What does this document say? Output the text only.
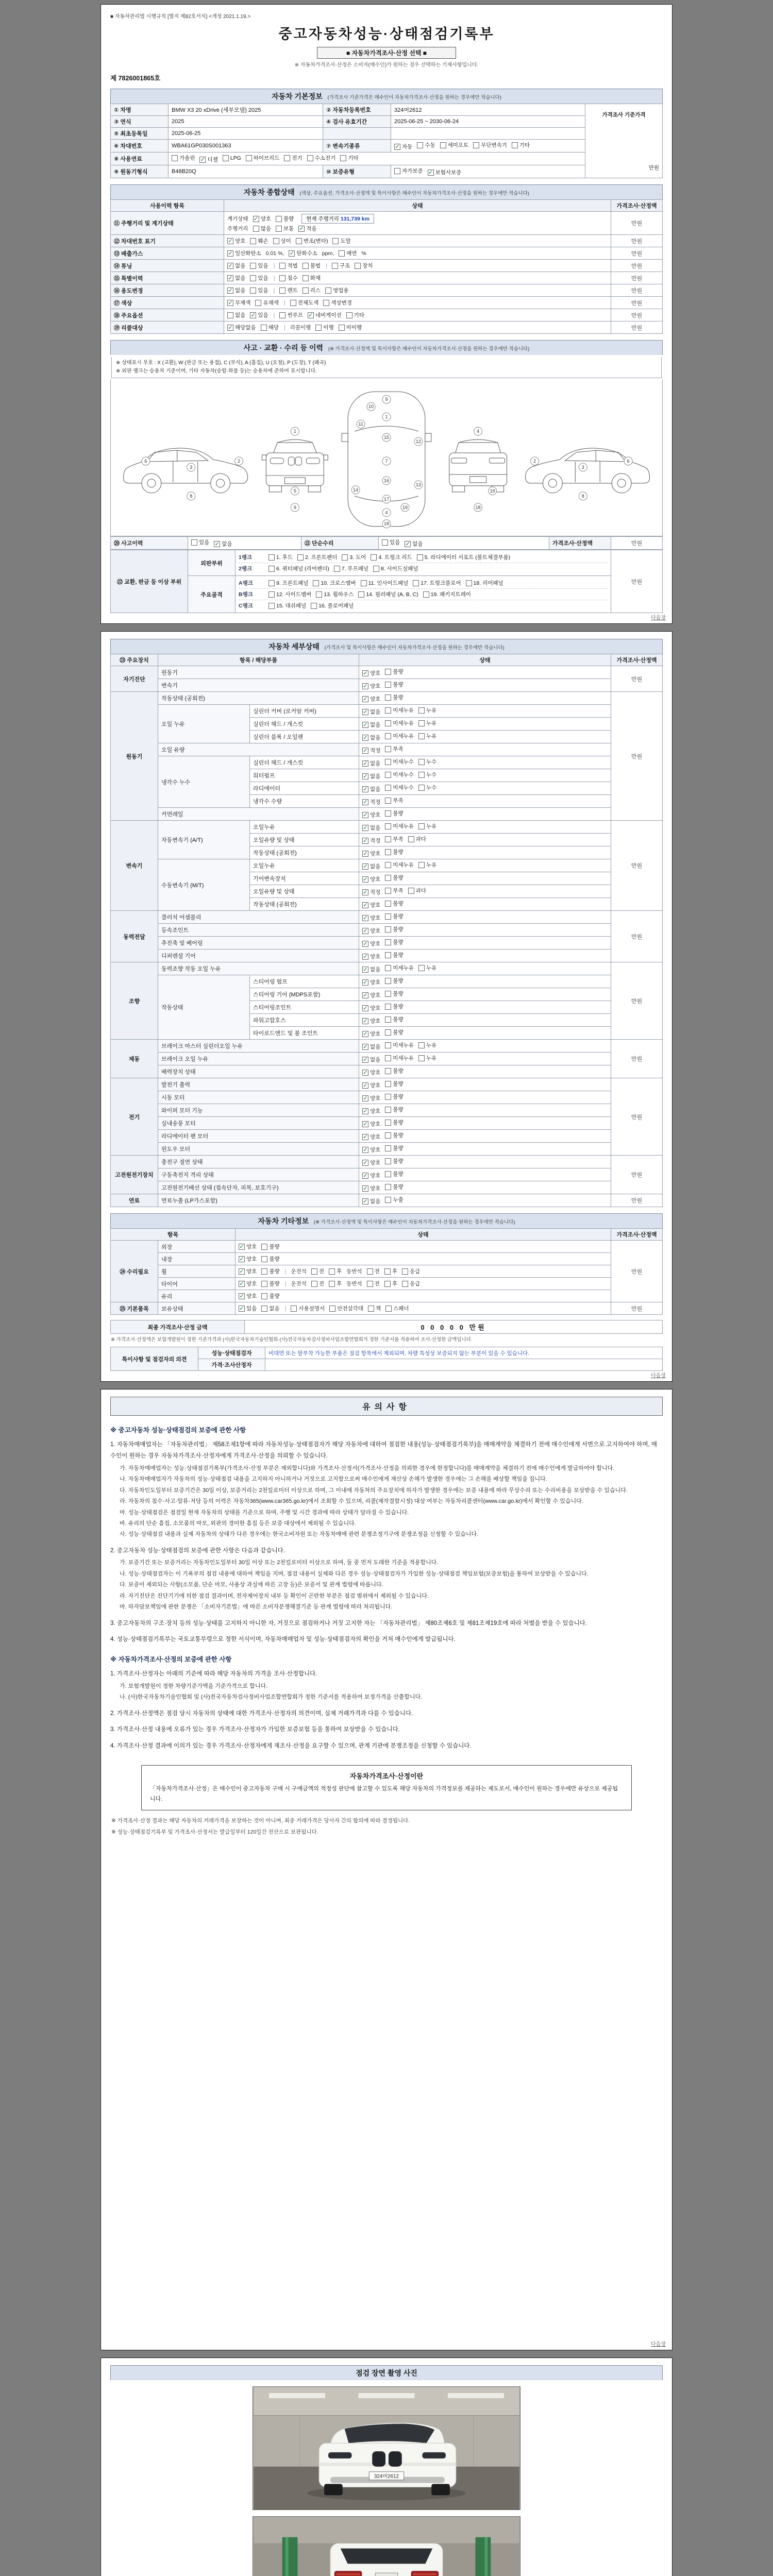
■ 자동차관리법 시행규칙 [별지 제82호서식] <개정 2021.1.19.>
중고자동차성능·상태점검기록부
■ 자동차가격조사·산정 선택 ■
※ 자동차가격조사·산정은 소비자(매수인)가 원하는 경우 선택하는 기재사항입니다.
제 7826001865호
자동차 기본정보 (가격조사 기준가격은 매수인이 자동차가격조사·산정을 원하는 경우에만 적습니다)
① 차명	BMW X3 20 xDrive (세부모델) 2025	② 자동차등록번호	324머2612	가격조사 기준가격
만원

③ 연식	2025	④ 검사 유효기간	2025-06-25 ~ 2030-06-24	
⑤ 최초등록일	2025-06-25			
⑥ 차대번호	WBA61GP030S001363	⑦ 변속기종류	✓ 자동 수동 세미오토 무단변속기 기타

⑧ 사용연료	가솔린 ✓ 디젤 LPG 하이브리드 전기 수소전기 기타

⑨ 원동기형식	B48B20Q	⑩ 보증유형	자가보증 ✓ 보험사보증	
자동차 종합상태 (색상, 주요옵션, 가격조사·산정액 및 특이사항은 매수인이 자동차가격조사·산정을 원하는 경우에만 적습니다)
사용이력 항목	상태	가격조사·산정액
⑪ 주행거리 및 계기상태	
계기상태 ✓ 양호 불량	현재 주행거리 131,739 km
주행거리 많음 보통 ✓ 적음
	만원
⑫ 차대번호 표기	✓ 양호 훼손 상이 변조(변타) 도말	만원
⑬ 배출가스	✓ 일산화탄소 0.01 %, ✓ 탄화수소 ppm, 매연 %	만원
⑭ 튜닝	✓ 없음 있음 | 적법 불법 | 구조 장치	만원
⑮ 특별이력	✓ 없음 있음 | 침수 화재	만원
⑯ 용도변경	✓ 없음 있음 | 렌트 리스 영업용	만원
⑰ 색상	✓ 무채색 유채색 | 전체도색 색상변경	만원
⑱ 주요옵션	없음 ✓ 있음 | 썬루프 ✓ 네비게이션 기타	만원
⑲ 리콜대상	✓ 해당없음 해당 | 리콜이행 이행 미이행	만원
사고 · 교환 · 수리 등 이력 (※ 가격조사·산정액 및 특이사항은 매수인이 자동차가격조사·산정을 원하는 경우에만 적습니다)
※ 상태표시 부호 : X (교환), W (판금 또는 용접), C (부식), A (흠집), U (요철), P (도장), T (왜곡)
※ 외판 랭크는 승용차 기준이며, 기타 자동차(승합·화물 등)는 승용차에 준하여 표시합니다.
2
3
6
8
1
5
9
9
10
1
11
15
7
12
16
13
17
14
4
18
19
4
18
19
2
3
6
8
⑳ 사고이력	있음 ✓ 없음	㉑ 단순수리	있음 ✓ 없음	가격조사·산정액	만원
㉒ 교환, 판금 등 이상 부위	외판부위	
1랭크	1. 후드 2. 프론트펜더 3. 도어 4. 트렁크 리드 5. 라디에이터 서포트 (볼트체결부품)
2랭크	6. 쿼터패널 (리어펜더) 7. 루프패널 8. 사이드실패널
	만원
주요골격	
A랭크	9. 프론트패널 10. 크로스멤버 11. 인사이드패널 17. 트렁크플로어 18. 리어패널
B랭크	12. 사이드멤버 13. 휠하우스 14. 필러패널 (A, B, C) 19. 패키지트레이
C랭크	15. 대쉬패널 16. 플로어패널
다음장
자동차 세부상태 (가격조사 및 특이사항은 매수인이 자동차가격조사·산정을 원하는 경우에만 적습니다)
㉓ 주요장치	항목 / 해당부품		상태	가격조사·산정액
자기진단	원동기		✓ 양호 불량	만원
	변속기		✓ 양호 불량	

원동기	작동상태 (공회전)		✓ 양호 불량	만원
	오일 누유	실린더 커버 (로커암 커버)	✓ 없음 미세누유 누유	

		실린더 헤드 / 개스킷	✓ 없음 미세누유 누유	

		실린더 블록 / 오일팬	✓ 없음 미세누유 누유	

	오일 유량		✓ 적정 부족	

	냉각수 누수	실린더 헤드 / 개스킷	✓ 없음 미세누수 누수	

		워터펌프	✓ 없음 미세누수 누수	

		라디에이터	✓ 없음 미세누수 누수	

		냉각수 수량	✓ 적정 부족	

	커먼레일		✓ 양호 불량	

변속기	자동변속기 (A/T)	오일누유	✓ 없음 미세누유 누유	만원
		오일유량 및 상태	✓ 적정 부족 과다	

		작동상태 (공회전)	✓ 양호 불량	

	수동변속기 (M/T)	오일누유	✓ 없음 미세누유 누유	

		기어변속장치	✓ 양호 불량	

		오일유량 및 상태	✓ 적정 부족 과다	

		작동상태 (공회전)	✓ 양호 불량	

동력전달	클러치 어셈블리		✓ 양호 불량	만원
	등속조인트		✓ 양호 불량	

	추진축 및 베어링		✓ 양호 불량	

	디퍼렌셜 기어		✓ 양호 불량	

조향	동력조향 작동 오일 누유		✓ 없음 미세누유 누유	만원
	작동상태	스티어링 펌프	✓ 양호 불량	

		스티어링 기어 (MDPS포함)	✓ 양호 불량	

		스티어링조인트	✓ 양호 불량	

		파워고압호스	✓ 양호 불량	

		타이로드엔드 및 볼 조인트	✓ 양호 불량	

제동	브레이크 마스터 실린더오일 누유		✓ 없음 미세누유 누유	만원
	브레이크 오일 누유		✓ 없음 미세누유 누유	

	배력장치 상태		✓ 양호 불량	

전기	발전기 출력		✓ 양호 불량	만원
	시동 모터		✓ 양호 불량	

	와이퍼 모터 기능		✓ 양호 불량	

	실내송풍 모터		✓ 양호 불량	

	라디에이터 팬 모터		✓ 양호 불량	

	윈도우 모터		✓ 양호 불량	

고전원전기장치	충전구 절연 상태		✓ 양호 불량	만원
	구동축전지 격리 상태		✓ 양호 불량	

	고전원전기배선 상태 (접속단자, 피복, 보호기구)		✓ 양호 불량	

연료	연료누출 (LP가스포함)		✓ 없음 누출	만원
자동차 기타정보 (※ 가격조사·산정액 및 특이사항은 매수인이 자동차가격조사·산정을 원하는 경우에만 적습니다)
항목		상태	가격조사·산정액
㉔ 수리필요	외장	✓ 양호 불량	만원
	내장	✓ 양호 불량	

휠	✓ 양호 불량 | 운전석 전 후 동반석 전 후 응급

타이어	✓ 양호 불량 | 운전석 전 후 동반석 전 후 응급

	유리	✓ 양호 불량	

㉕ 기본품목	보유상태	✓ 있음 없음 | 사용설명서 안전삼각대 잭 스패너	만원
최종 가격조사·산정 금액	0 0 0 0 0 만원
※ 가격조사·산정액은 보험개발원이 정한 기준가격과 (사)한국자동차기술인협회·(사)전국자동차검사정비사업조합연합회가 정한 기준서를 적용하여 조사·산정한 금액입니다.
특이사항 및 점검자의 의견	성능·상태점검자	비대면 또는 탈부착 가능한 부품은 점검 항목에서 제외되며, 차량 특성상 보증되지 않는 부분이 있을 수 있습니다.
	가격·조사산정자	
다음장
유의사항
※ 중고자동차 성능·상태점검의 보증에 관한 사항
1. 자동차매매업자는 「자동차관리법」 제58조제1항에 따라 자동차성능·상태점검자가 해당 자동차에 대하여 점검한 내용(성능·상태점검기록부)을 매매계약을 체결하기 전에 매수인에게 서면으로 고지하여야 하며, 매수인이 원하는 경우 자동차가격조사·산정자에게 가격조사·산정을 의뢰할 수 있습니다.
가. 자동차매매업자는 성능·상태점검기록부(가격조사·산정 부분은 제외합니다)와 가격조사·산정서(가격조사·산정을 의뢰한 경우에 한정합니다)를 매매계약을 체결하기 전에 매수인에게 발급하여야 합니다.
나. 자동차매매업자가 자동차의 성능·상태점검 내용을 고지하지 아니하거나 거짓으로 고지함으로써 매수인에게 재산상 손해가 발생한 경우에는 그 손해를 배상할 책임을 집니다.
다. 자동차인도일부터 보증기간은 30일 이상, 보증거리는 2천킬로미터 이상으로 하며, 그 이내에 자동차의 주요장치에 하자가 발생한 경우에는 보증 내용에 따라 무상수리 또는 수리비용을 보상받을 수 있습니다.
라. 자동차의 침수·사고·압류·저당 등의 이력은 자동차365(www.car365.go.kr)에서 조회할 수 있으며, 리콜(제작결함시정) 대상 여부는 자동차리콜센터(www.car.go.kr)에서 확인할 수 있습니다.
마. 성능·상태점검은 점검일 현재 자동차의 상태를 기준으로 하며, 주행 및 시간 경과에 따라 상태가 달라질 수 있습니다.
바. 유리의 단순 흠집, 소모품의 마모, 외관의 경미한 흠집 등은 보증 대상에서 제외될 수 있습니다.
사. 성능·상태점검 내용과 실제 자동차의 상태가 다른 경우에는 한국소비자원 또는 자동차매매 관련 분쟁조정기구에 분쟁조정을 신청할 수 있습니다.
2. 중고자동차 성능·상태점검의 보증에 관한 사항은 다음과 같습니다.
가. 보증기간 또는 보증거리는 자동차인도일부터 30일 이상 또는 2천킬로미터 이상으로 하며, 둘 중 먼저 도래한 기준을 적용합니다.
나. 성능·상태점검자는 이 기록부의 점검 내용에 대하여 책임을 지며, 점검 내용이 실제와 다른 경우 성능·상태점검자가 가입한 성능·상태점검 책임보험(보증보험)을 통하여 보상받을 수 있습니다.
다. 보증이 제외되는 사항(소모품, 단순 마모, 사용상 과실에 따른 고장 등)은 보증서 및 관계 법령에 따릅니다.
라. 자기진단은 진단기기에 의한 점검 결과이며, 전자제어장치 내부 등 확인이 곤란한 부분은 점검 범위에서 제외될 수 있습니다.
마. 하자담보책임에 관한 분쟁은 「소비자기본법」에 따른 소비자분쟁해결기준 등 관계 법령에 따라 처리됩니다.
3. 중고자동차의 구조·장치 등의 성능·상태를 고지하지 아니한 자, 거짓으로 점검하거나 거짓 고지한 자는 「자동차관리법」 제80조제6호 및 제81조제19호에 따라 처벌을 받을 수 있습니다.
4. 성능·상태점검기록부는 국토교통부령으로 정한 서식이며, 자동차매매업자 및 성능·상태점검자의 확인을 거쳐 매수인에게 발급됩니다.
※ 자동차가격조사·산정의 보증에 관한 사항
1. 가격조사·산정자는 아래의 기준에 따라 해당 자동차의 가격을 조사·산정합니다.
가. 보험개발원이 정한 차량기준가액을 기준가격으로 합니다.
나. (사)한국자동차기술인협회 및 (사)전국자동차검사정비사업조합연합회가 정한 기준서를 적용하여 보정가격을 산출합니다.
2. 가격조사·산정액은 점검 당시 자동차의 상태에 대한 가격조사·산정자의 의견이며, 실제 거래가격과 다를 수 있습니다.
3. 가격조사·산정 내용에 오류가 있는 경우 가격조사·산정자가 가입한 보증보험 등을 통하여 보상받을 수 있습니다.
4. 가격조사·산정 결과에 이의가 있는 경우 가격조사·산정자에게 재조사·산정을 요구할 수 있으며, 관계 기관에 분쟁조정을 신청할 수 있습니다.
자동차가격조사·산정이란
「자동차가격조사·산정」은 매수인이 중고자동차 구매 시 구매금액의 적정성 판단에 참고할 수 있도록 해당 자동차의 가격정보를 제공하는 제도로서, 매수인이 원하는 경우에만 유상으로 제공됩니다.
※ 가격조사·산정 결과는 해당 자동차의 거래가격을 보장하는 것이 아니며, 최종 거래가격은 당사자 간의 합의에 따라 결정됩니다.
※ 성능·상태점검기록부 및 가격조사·산정서는 발급일부터 120일간 전산으로 보관됩니다.
다음장
점검 장면 촬영 사진
324머2612
